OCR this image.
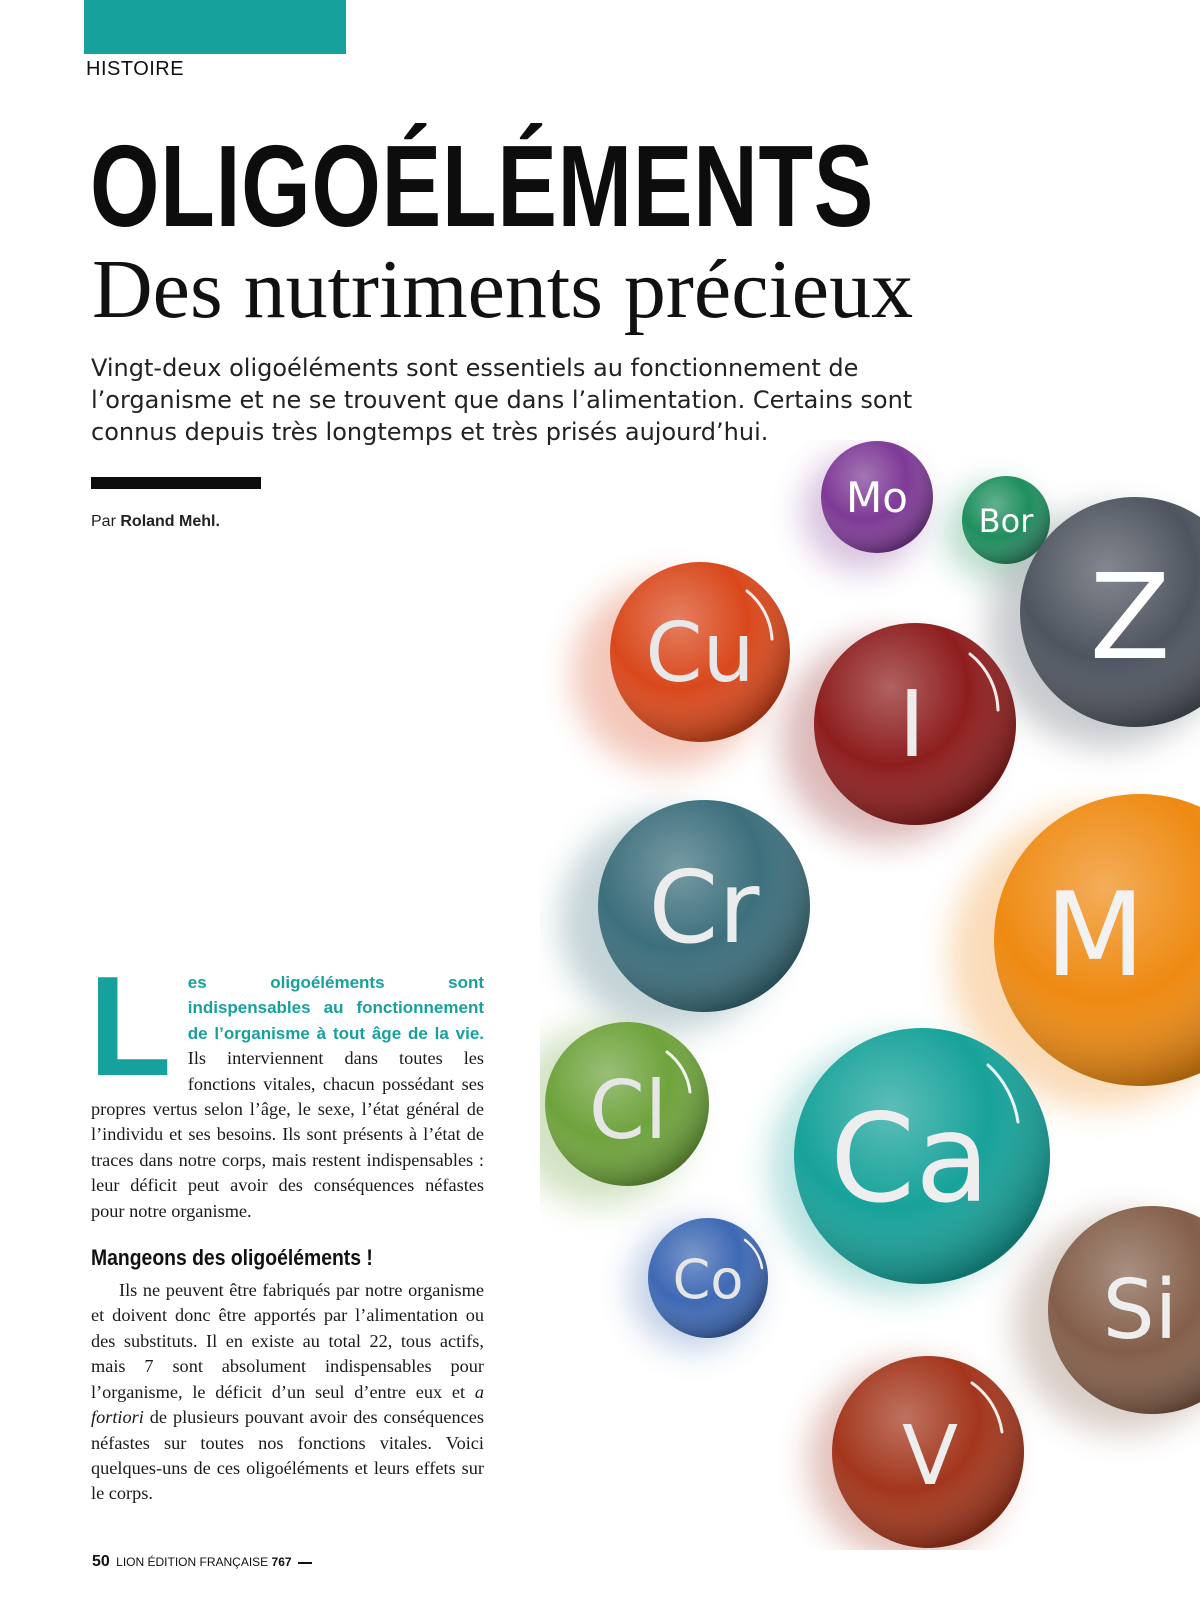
HISTOIRE
OLIGOÉLÉMENTS
Des nutriments précieux

Vingt-deux oligoéléments sont essentiels au fonctionnement de l’organisme et ne se trouvent que dans l’alimentation. Certains sont connus depuis très longtemps et très prisés aujourd’hui.

Par Roland Mehl.	Mo Bor
Z
Cu
I
Cr M
Cl Ca
Co	Si
V

Les oligoéléments sont indispensables au fonctionnement de l’organisme à tout âge de la vie. Ils interviennent dans toutes les fonctions vitales, chacun possédant ses propres vertus selon l’âge, le sexe, l’état général de l’individu et ses besoins. Ils sont présents à l’état de traces dans notre corps, mais restent indispensables : leur déficit peut avoir des conséquences néfastes pour notre organisme.

Mangeons des oligoéléments !

Ils ne peuvent être fabriqués par notre organisme et doivent donc être apportés par l’alimentation ou des substituts. Il en existe au total 22, tous actifs, mais 7 sont absolument indispensables pour l’organisme, le déficit d’un seul d’entre eux et a fortiori de plusieurs pouvant avoir des conséquences néfastes sur toutes nos fonctions vitales. Voici quelques-uns de ces oligoéléments et leurs effets sur le corps.

50 LION ÉDITION FRANÇAISE 767
